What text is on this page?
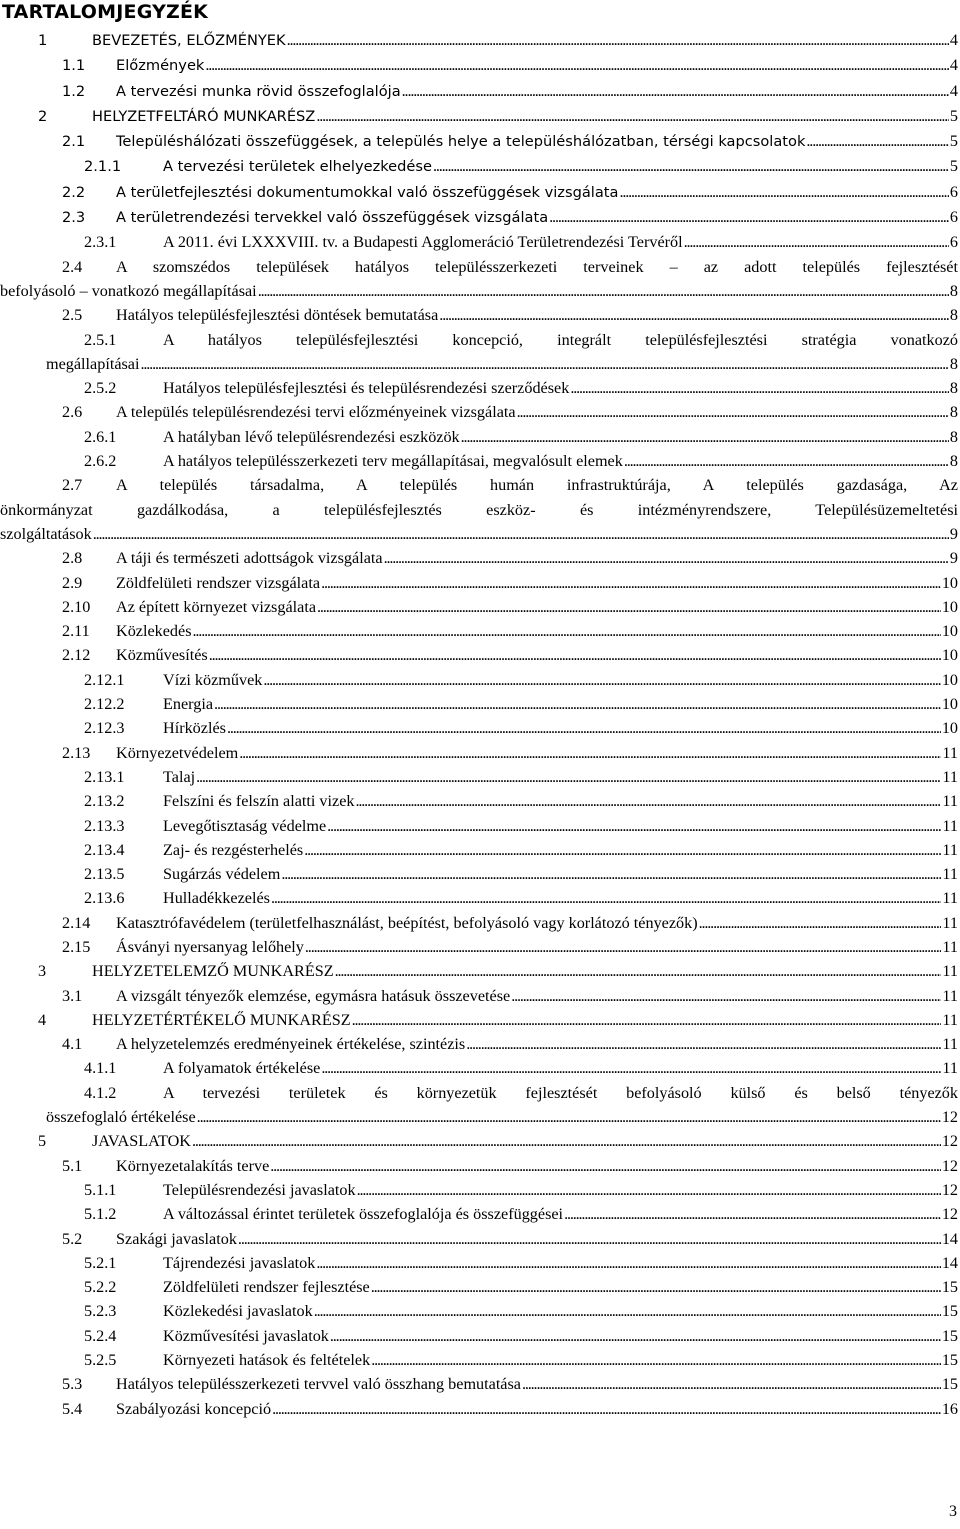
TARTALOMJEGYZÉK
1	BEVEZETÉS, ELŐZMÉNYEK . . .	4
1.1	Előzmények . . .	4
1.2	A tervezési munka rövid összefoglalója . . .	4
2	HELYZETFELTÁRÓ MUNKARÉSZ . . .	5
2.1	Településhálózati összefüggések, a település helye a településhálózatban, térségi kapcsolatok . . .	5
2.1.1	A tervezési területek elhelyezkedése . . .	5
2.2	A területfejlesztési dokumentumokkal való összefüggések vizsgálata . . .	6
2.3	A területrendezési tervekkel való összefüggések vizsgálata . . .	6
2.3.1	A 2011. évi LXXXVIII. tv. a Budapesti Agglomeráció Területrendezési Tervéről . . .	6
2.4	A szomszédos települések hatályos településszerkezeti terveinek – az adott település fejlesztését
befolyásoló – vonatkozó megállapításai . . .	8
2.5	Hatályos településfejlesztési döntések bemutatása . . .	8
2.5.1	A hatályos településfejlesztési koncepció, integrált településfejlesztési stratégia vonatkozó
megállapításai . . .	8
2.5.2	Hatályos településfejlesztési és településrendezési szerződések . . .	8
2.6	A település településrendezési tervi előzményeinek vizsgálata . . .	8
2.6.1	A hatályban lévő településrendezési eszközök . . .	8
2.6.2	A hatályos településszerkezeti terv megállapításai, megvalósult elemek . . .	8
2.7	A település társadalma, A település humán infrastruktúrája, A település gazdasága, Az
önkormányzat gazdálkodása, a településfejlesztés eszköz- és intézményrendszere, Településüzemeltetési
szolgáltatások . . .	9
2.8	A táji és természeti adottságok vizsgálata . . .	9
2.9	Zöldfelületi rendszer vizsgálata . . .	10
2.10	Az épített környezet vizsgálata . . .	10
2.11	Közlekedés . . .	10
2.12	Közművesítés . . .	10
2.12.1	Vízi közművek . . .	10
2.12.2	Energia . . .	10
2.12.3	Hírközlés . . .	10
2.13	Környezetvédelem . . .	11
2.13.1	Talaj . . .	11
2.13.2	Felszíni és felszín alatti vizek . . .	11
2.13.3	Levegőtisztaság védelme . . .	11
2.13.4	Zaj- és rezgésterhelés . . .	11
2.13.5	Sugárzás védelem . . .	11
2.13.6	Hulladékkezelés . . .	11
2.14	Katasztrófavédelem (területfelhasználást, beépítést, befolyásoló vagy korlátozó tényezők) . . .	11
2.15	Ásványi nyersanyag lelőhely . . .	11
3	HELYZETELEMZŐ MUNKARÉSZ . . .	11
3.1	A vizsgált tényezők elemzése, egymásra hatásuk összevetése . . .	11
4	HELYZETÉRTÉKELŐ MUNKARÉSZ . . .	11
4.1	A helyzetelemzés eredményeinek értékelése, szintézis . . .	11
4.1.1	A folyamatok értékelése . . .	11
4.1.2	A tervezési területek és környezetük fejlesztését befolyásoló külső és belső tényezők
összefoglaló értékelése . . .	12
5	JAVASLATOK . . .	12
5.1	Környezetalakítás terve . . .	12
5.1.1	Településrendezési javaslatok . . .	12
5.1.2	A változással érintet területek összefoglalója és összefüggései . . .	12
5.2	Szakági javaslatok . . .	14
5.2.1	Tájrendezési javaslatok . . .	14
5.2.2	Zöldfelületi rendszer fejlesztése . . .	15
5.2.3	Közlekedési javaslatok . . .	15
5.2.4	Közművesítési javaslatok . . .	15
5.2.5	Környezeti hatások és feltételek . . .	15
5.3	Hatályos településszerkezeti tervvel való összhang bemutatása . . .	15
5.4	Szabályozási koncepció . . .	16
3
